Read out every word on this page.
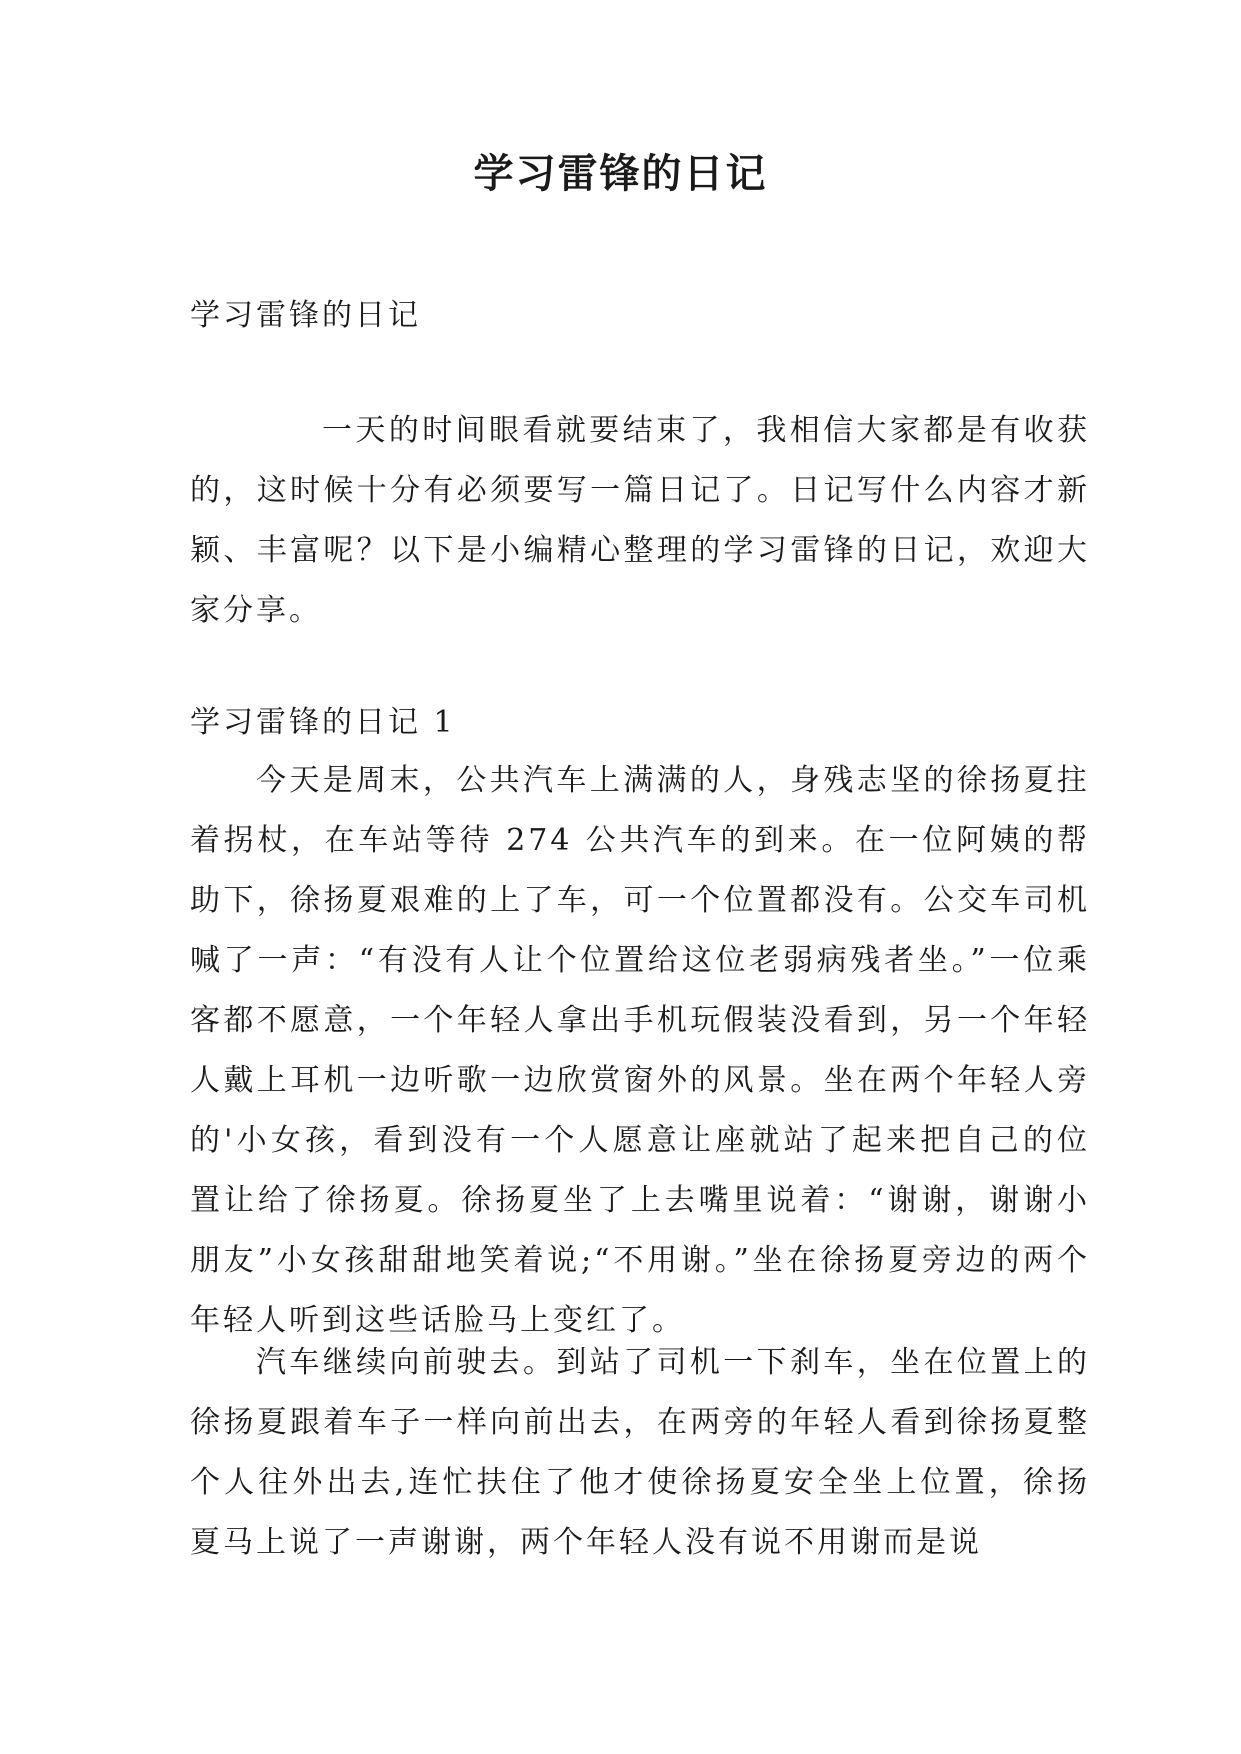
学习雷锋的日记

学习雷锋的日记

一天的时间眼看就要结束了，我相信大家都是有收获的，这时候十分有必须要写一篇日记了。日记写什么内容才新颖、丰富呢？以下是小编精心整理的学习雷锋的日记，欢迎大家分享。

学习雷锋的日记 1

今天是周末，公共汽车上满满的人，身残志坚的徐扬夏拄着拐杖，在车站等待 274 公共汽车的到来。在一位阿姨的帮助下，徐扬夏艰难的上了车，可一个位置都没有。公交车司机喊了一声：“有没有人让个位置给这位老弱病残者坐。”一位乘客都不愿意，一个年轻人拿出手机玩假装没看到，另一个年轻人戴上耳机一边听歌一边欣赏窗外的风景。坐在两个年轻人旁的'小女孩，看到没有一个人愿意让座就站了起来把自己的位置让给了徐扬夏。徐扬夏坐了上去嘴里说着：“谢谢，谢谢小朋友”小女孩甜甜地笑着说;“不用谢。”坐在徐扬夏旁边的两个年轻人听到这些话脸马上变红了。

汽车继续向前驶去。到站了司机一下刹车，坐在位置上的徐扬夏跟着车子一样向前出去，在两旁的年轻人看到徐扬夏整个人往外出去,连忙扶住了他才使徐扬夏安全坐上位置，徐扬夏马上说了一声谢谢，两个年轻人没有说不用谢而是说
